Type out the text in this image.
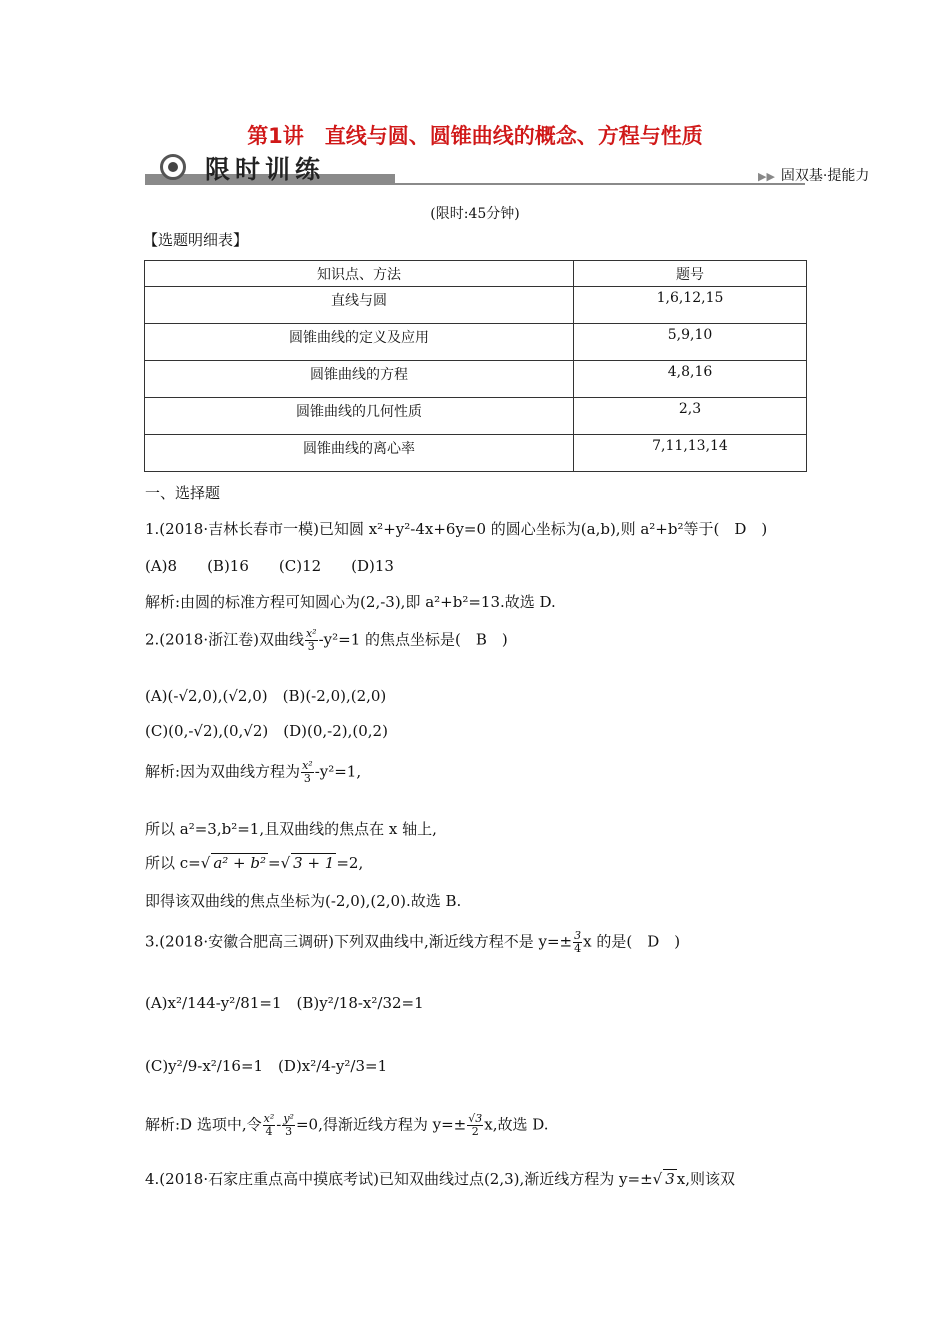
第1讲　直线与圆、圆锥曲线的概念、方程与性质
限时训练	▶▶ 固双基·提能力
(限时:45分钟)
【选题明细表】
知识点、方法	题号
直线与圆	1,6,12,15
圆锥曲线的定义及应用	5,9,10
圆锥曲线的方程	4,8,16
圆锥曲线的几何性质	2,3
圆锥曲线的离心率	7,11,13,14
一、选择题
1.(2018·吉林长春市一模)已知圆 x²+y²-4x+6y=0 的圆心坐标为(a,b),则 a²+b²等于(　D　)
(A)8　　(B)16　　(C)12　　(D)13
解析:由圆的标准方程可知圆心为(2,-3),即 a²+b²=13.故选 D.
2.(2018·浙江卷)双曲线 $\frac{\text{x²}}{3} -y^2=1$ 的焦点坐标是(　B　)
(A)(-√2,0),(√2,0)　(B)(-2,0),(2,0)
(C)(0,-√2),(0,√2)　(D)(0,-2),(0,2)
解析:因为双曲线方程为 $\frac{\text{x²}}{3} -y^2=1$,
所以 a²=3,b²=1,且双曲线的焦点在 x 轴上,
所以 c=√ a² + b² =√ 3 + 1 =2,
即得该双曲线的焦点坐标为(-2,0),(2,0).故选 B.
3.(2018·安徽合肥高三调研)下列双曲线中,渐近线方程不是 $y=\pm \frac{3}{4}$ x 的是(　D　)
(A)x²/144-y²/81=1　(B)y²/18-x²/32=1
(C)y²/9-x²/16=1　(D)x²/4-y²/3=1
解析:D 选项中,令 $\frac{\text{x²}}{4} - \frac{\text{y²}}{3} =0$,得渐近线方程为 $y=\pm \frac{√3}{2} x$,故选 D.
4.(2018·石家庄重点高中摸底考试)已知双曲线过点(2,3),渐近线方程为 y=±√ 3 x,则该双
